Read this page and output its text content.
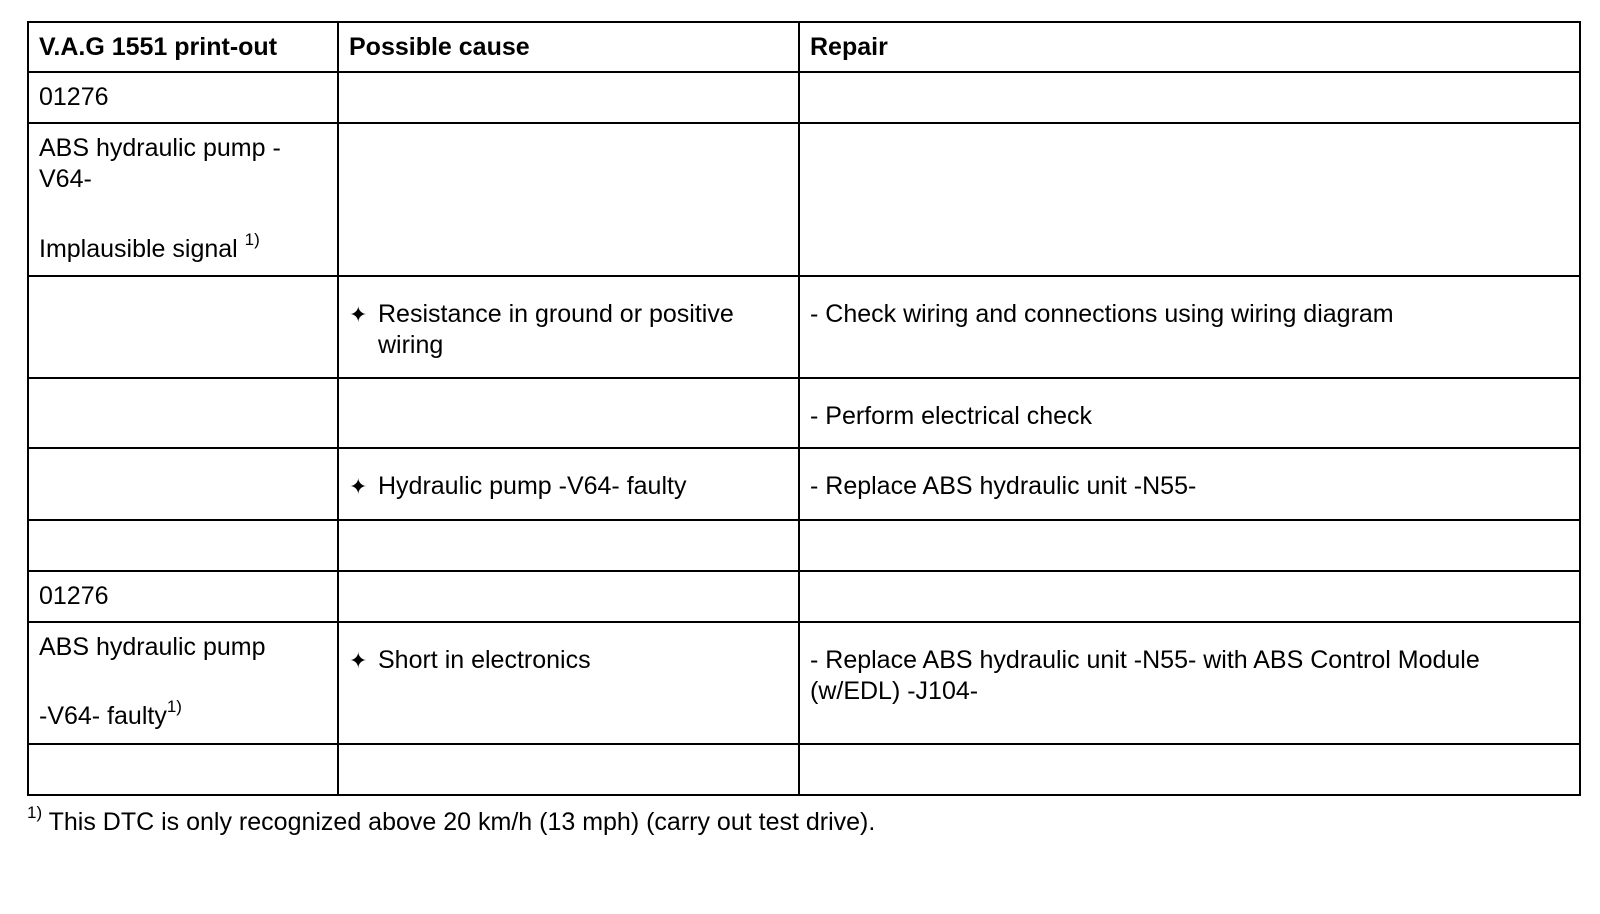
V.A.G 1551 print-out	Possible cause	Repair
01276		
ABS hydraulic pump -V64-
Implausible signal $^{1)}$		

	✦ Resistance in ground or positive wiring	- Check wiring and connections using wiring diagram
		- Perform electrical check

	✦ Hydraulic pump -V64- faulty	- Replace ABS hydraulic unit -N55-

01276		
ABS hydraulic pump
-V64- faulty$^{1)}$	✦ Short in electronics	- Replace ABS hydraulic unit -N55- with ABS Control Module (w/EDL) -J104-

$^{1)}$ This DTC is only recognized above 20 km/h (13 mph) (carry out test drive).
